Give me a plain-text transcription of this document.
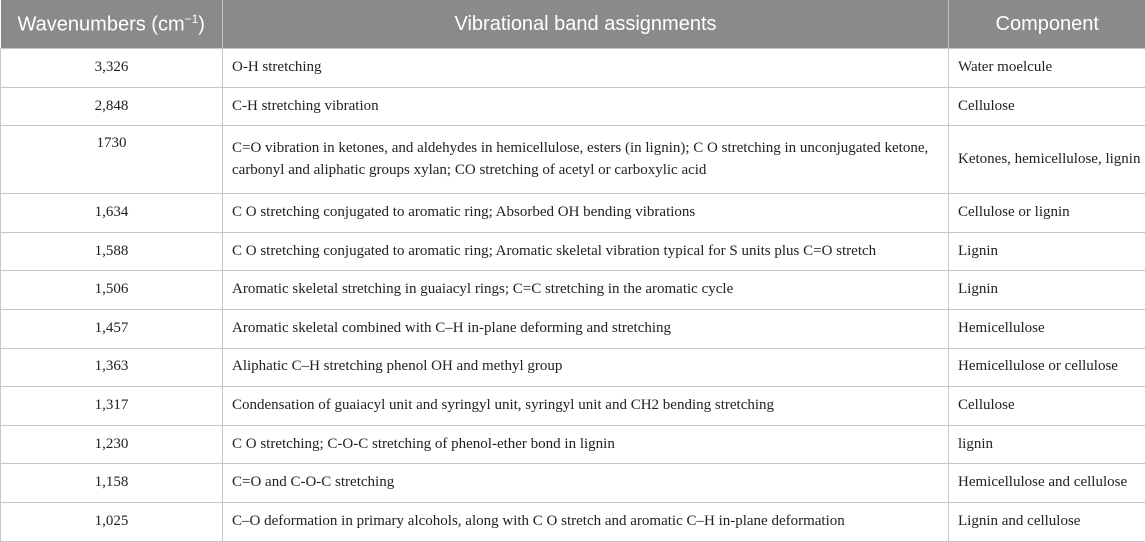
Wavenumbers $(cm^{-1})$	Vibrational band assignments	Component
3,326	O-H stretching	Water moelcule
2,848	C-H stretching vibration	Cellulose
1730	C=O vibration in ketones, and aldehydes in hemicellulose, esters (in lignin); C O stretching in unconjugated ketone, carbonyl and aliphatic groups xylan; CO stretching of acetyl or carboxylic acid	Ketones, hemicellulose, lignin
1,634	C O stretching conjugated to aromatic ring; Absorbed OH bending vibrations	Cellulose or lignin
1,588	C O stretching conjugated to aromatic ring; Aromatic skeletal vibration typical for S units plus C=O stretch	Lignin
1,506	Aromatic skeletal stretching in guaiacyl rings; C=C stretching in the aromatic cycle	Lignin
1,457	Aromatic skeletal combined with C–H in-plane deforming and stretching	Hemicellulose
1,363	Aliphatic C–H stretching phenol OH and methyl group	Hemicellulose or cellulose
1,317	Condensation of guaiacyl unit and syringyl unit, syringyl unit and CH2 bending stretching	Cellulose
1,230	C O stretching; C-O-C stretching of phenol-ether bond in lignin	lignin
1,158	C=O and C-O-C stretching	Hemicellulose and cellulose
1,025	C–O deformation in primary alcohols, along with C O stretch and aromatic C–H in-plane deformation	Lignin and cellulose
